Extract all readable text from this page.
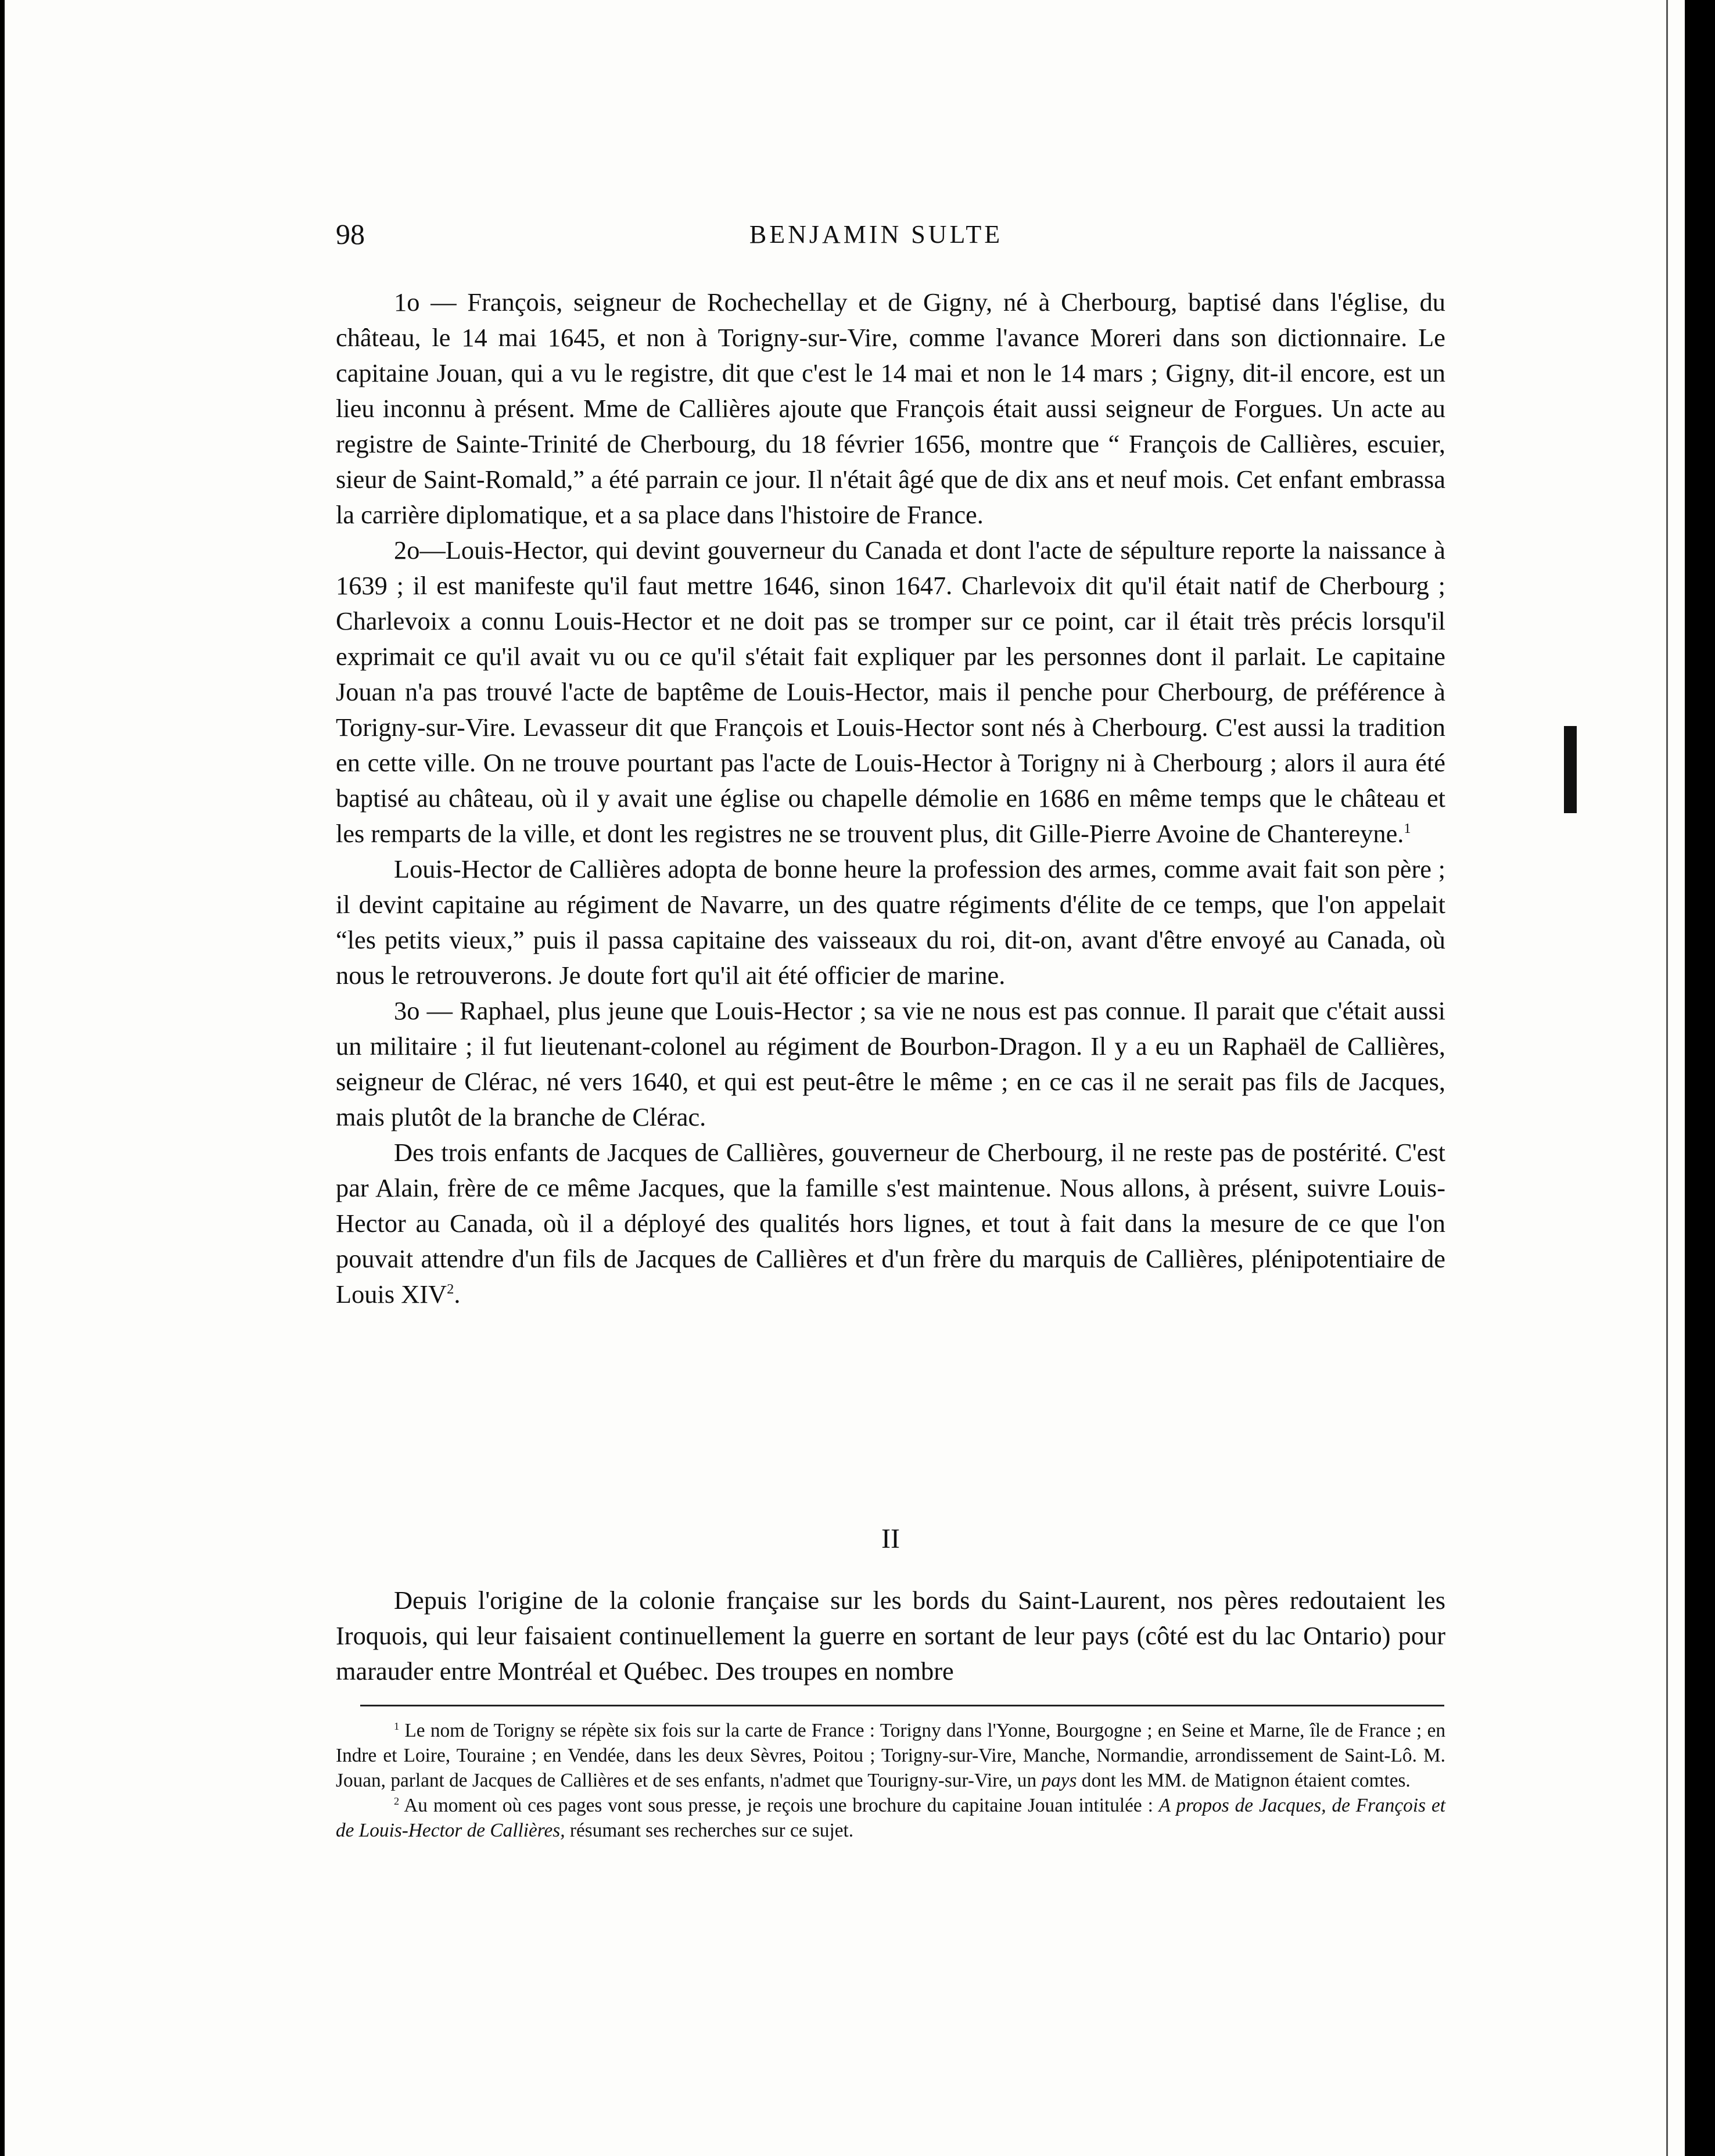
98	BENJAMIN SULTE

1o — François, seigneur de Rochechellay et de Gigny, né à Cherbourg, baptisé dans l'église, du château, le 14 mai 1645, et non à Torigny-sur-Vire, comme l'avance Moreri dans son dictionnaire. Le capitaine Jouan, qui a vu le registre, dit que c'est le 14 mai et non le 14 mars ; Gigny, dit-il encore, est un lieu inconnu à présent. Mme de Callières ajoute que François était aussi seigneur de Forgues. Un acte au registre de Sainte-Trinité de Cherbourg, du 18 février 1656, montre que “ François de Callières, escuier, sieur de Saint-Romald,” a été parrain ce jour. Il n'était âgé que de dix ans et neuf mois. Cet enfant embrassa la carrière diplomatique, et a sa place dans l'histoire de France.

2o—Louis-Hector, qui devint gouverneur du Canada et dont l'acte de sépulture reporte la naissance à 1639 ; il est manifeste qu'il faut mettre 1646, sinon 1647. Charlevoix dit qu'il était natif de Cherbourg ; Charlevoix a connu Louis-Hector et ne doit pas se tromper sur ce point, car il était très précis lorsqu'il exprimait ce qu'il avait vu ou ce qu'il s'était fait expliquer par les personnes dont il parlait. Le capitaine Jouan n'a pas trouvé l'acte de baptême de Louis-Hector, mais il penche pour Cherbourg, de préférence à Torigny-sur-Vire. Levasseur dit que François et Louis-Hector sont nés à Cherbourg. C'est aussi la tradition en cette ville. On ne trouve pourtant pas l'acte de Louis-Hector à Torigny ni à Cherbourg ; alors il aura été baptisé au château, où il y avait une église ou chapelle démolie en 1686 en même temps que le château et les remparts de la ville, et dont les registres ne se trouvent plus, dit Gille-Pierre Avoine de Chantereyne.$^1$

Louis-Hector de Callières adopta de bonne heure la profession des armes, comme avait fait son père ; il devint capitaine au régiment de Navarre, un des quatre régiments d'élite de ce temps, que l'on appelait “les petits vieux,” puis il passa capitaine des vaisseaux du roi, dit-on, avant d'être envoyé au Canada, où nous le retrouverons. Je doute fort qu'il ait été officier de marine.

3o — Raphael, plus jeune que Louis-Hector ; sa vie ne nous est pas connue. Il parait que c'était aussi un militaire ; il fut lieutenant-colonel au régiment de Bourbon-Dragon. Il y a eu un Raphaël de Callières, seigneur de Clérac, né vers 1640, et qui est peut-être le même ; en ce cas il ne serait pas fils de Jacques, mais plutôt de la branche de Clérac.

Des trois enfants de Jacques de Callières, gouverneur de Cherbourg, il ne reste pas de postérité. C'est par Alain, frère de ce même Jacques, que la famille s'est maintenue. Nous allons, à présent, suivre Louis-Hector au Canada, où il a déployé des qualités hors lignes, et tout à fait dans la mesure de ce que l'on pouvait attendre d'un fils de Jacques de Callières et d'un frère du marquis de Callières, plénipotentiaire de Louis XIV$^2$.

II

Depuis l'origine de la colonie française sur les bords du Saint-Laurent, nos pères redoutaient les Iroquois, qui leur faisaient continuellement la guerre en sortant de leur pays (côté est du lac Ontario) pour marauder entre Montréal et Québec. Des troupes en nombre

$^1$ Le nom de Torigny se répète six fois sur la carte de France : Torigny dans l'Yonne, Bourgogne ; en Seine et Marne, île de France ; en Indre et Loire, Touraine ; en Vendée, dans les deux Sèvres, Poitou ; Torigny-sur-Vire, Manche, Normandie, arrondissement de Saint-Lô. M. Jouan, parlant de Jacques de Callières et de ses enfants, n'admet que Tourigny-sur-Vire, un pays dont les MM. de Matignon étaient comtes.

$^2$ Au moment où ces pages vont sous presse, je reçois une brochure du capitaine Jouan intitulée : A propos de Jacques, de François et de Louis-Hector de Callières, résumant ses recherches sur ce sujet.
